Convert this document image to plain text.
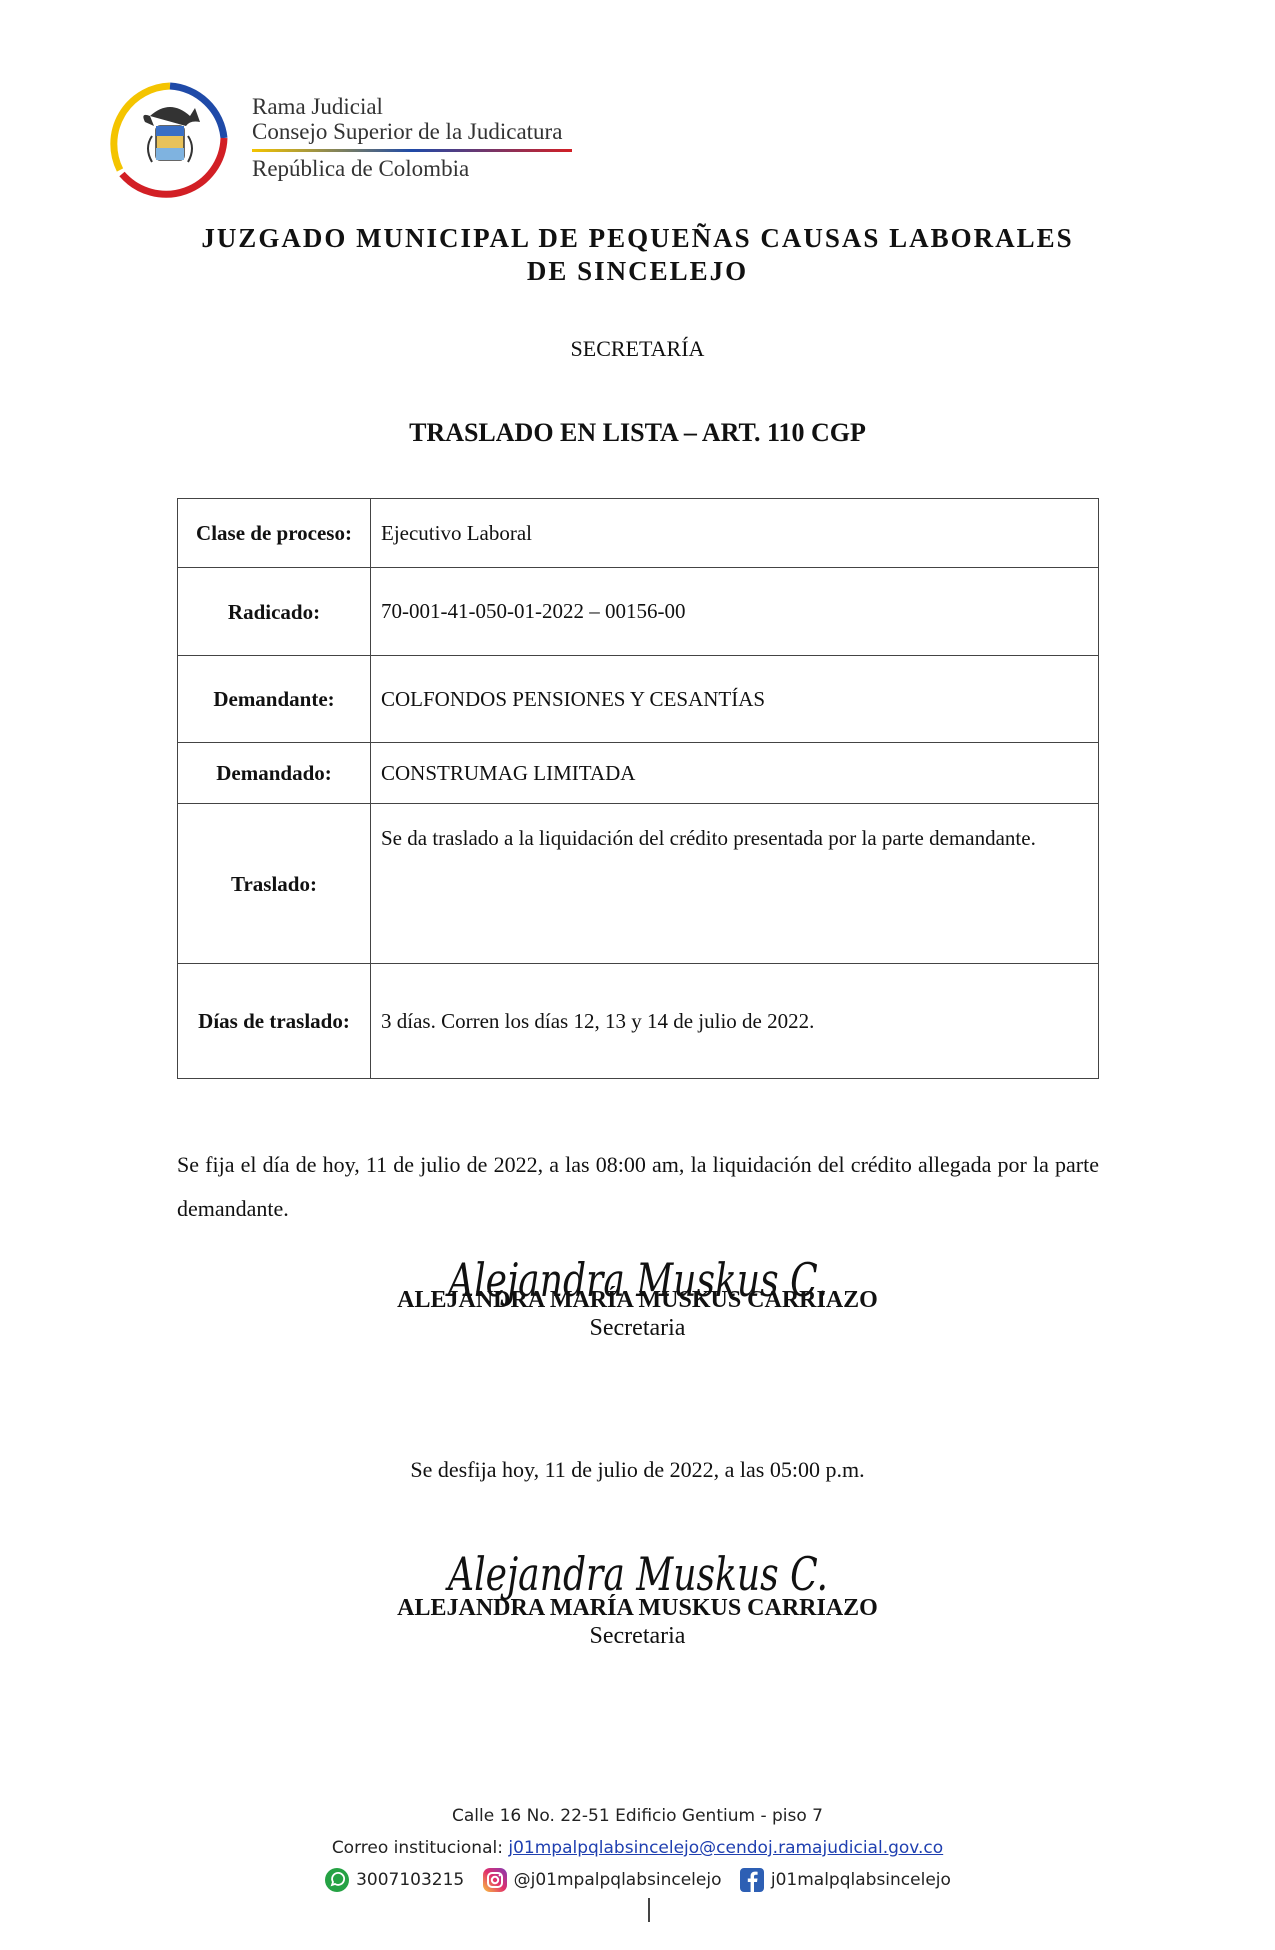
Rama Judicial
Consejo Superior de la Judicatura
República de Colombia
JUZGADO MUNICIPAL DE PEQUEÑAS CAUSAS LABORALES
DE SINCELEJO
SECRETARÍA
TRASLADO EN LISTA – ART. 110 CGP
Clase de proceso:	Ejecutivo Laboral
Radicado:	70-001-41-050-01-2022 – 00156-00
Demandante:	COLFONDOS PENSIONES Y CESANTÍAS
Demandado:	CONSTRUMAG LIMITADA
Traslado:	Se da traslado a la liquidación del crédito presentada por la parte demandante.

Días de traslado:	3 días. Corren los días 12, 13 y 14 de julio de 2022.
Se fija el día de hoy, 11 de julio de 2022, a las 08:00 am, la liquidación del crédito allegada por la parte demandante.
Alejandra Muskus C.
ALEJANDRA MARÍA MUSKUS CARRIAZO
Secretaria
Se desfija hoy, 11 de julio de 2022, a las 05:00 p.m.
Alejandra Muskus C.
ALEJANDRA MARÍA MUSKUS CARRIAZO
Secretaria
Calle 16 No. 22-51 Edificio Gentium - piso 7
Correo institucional: j01mpalpqlabsincelejo@cendoj.ramajudicial.gov.co
3007103215
	@j01mpalpqlabsincelejo
	j01malpqlabsincelejo
